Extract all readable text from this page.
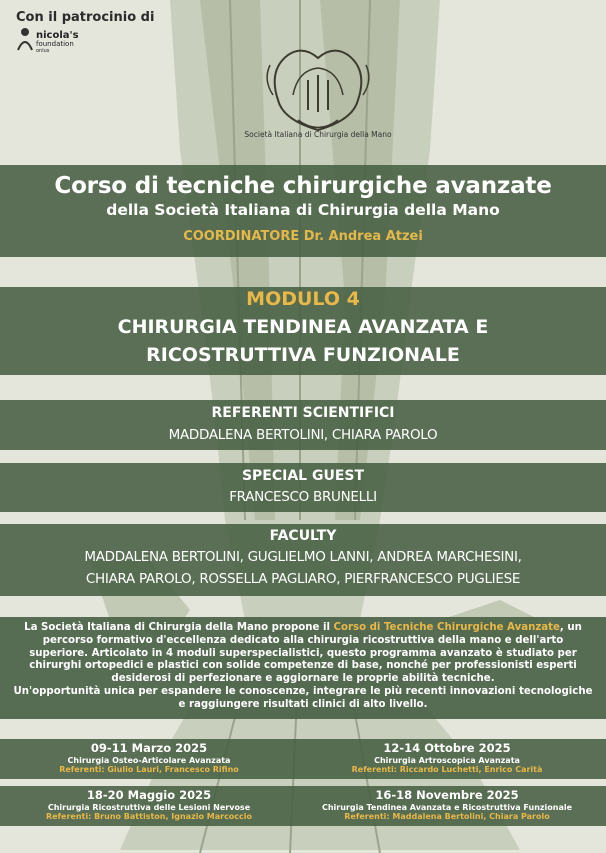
Con il patrocinio di
nicola's
foundation
onlus
Società Italiana di Chirurgia della Mano
Corso di tecniche chirurgiche avanzate
della Società Italiana di Chirurgia della Mano
COORDINATORE Dr. Andrea Atzei
MODULO 4
CHIRURGIA TENDINEA AVANZATA E
RICOSTRUTTIVA FUNZIONALE
REFERENTI SCIENTIFICI
MADDALENA BERTOLINI, CHIARA PAROLO
SPECIAL GUEST
FRANCESCO BRUNELLI
FACULTY
MADDALENA BERTOLINI, GUGLIELMO LANNI, ANDREA MARCHESINI,
CHIARA PAROLO, ROSSELLA PAGLIARO, PIERFRANCESCO PUGLIESE

La Società Italiana di Chirurgia della Mano propone il Corso di Tecniche Chirurgiche Avanzate, un percorso formativo d'eccellenza dedicato alla chirurgia ricostruttiva della mano e dell'arto superiore. Articolato in 4 moduli superspecialistici, questo programma avanzato è studiato per chirurghi ortopedici e plastici con solide competenze di base, nonché per professionisti esperti desiderosi di perfezionare e aggiornare le proprie abilità tecniche.
Un'opportunità unica per espandere le conoscenze, integrare le più recenti innovazioni tecnologiche e raggiungere risultati clinici di alto livello.

09-11 Marzo 2025
Chirurgia Osteo-Articolare Avanzata
Referenti: Giulio Lauri, Francesco Rifino
12-14 Ottobre 2025
Chirurgia Artroscopica Avanzata
Referenti: Riccardo Luchetti, Enrico Carità
18-20 Maggio 2025
Chirurgia Ricostruttiva delle Lesioni Nervose
Referenti: Bruno Battiston, Ignazio Marcoccio
16-18 Novembre 2025
Chirurgia Tendinea Avanzata e Ricostruttiva Funzionale
Referenti: Maddalena Bertolini, Chiara Parolo
